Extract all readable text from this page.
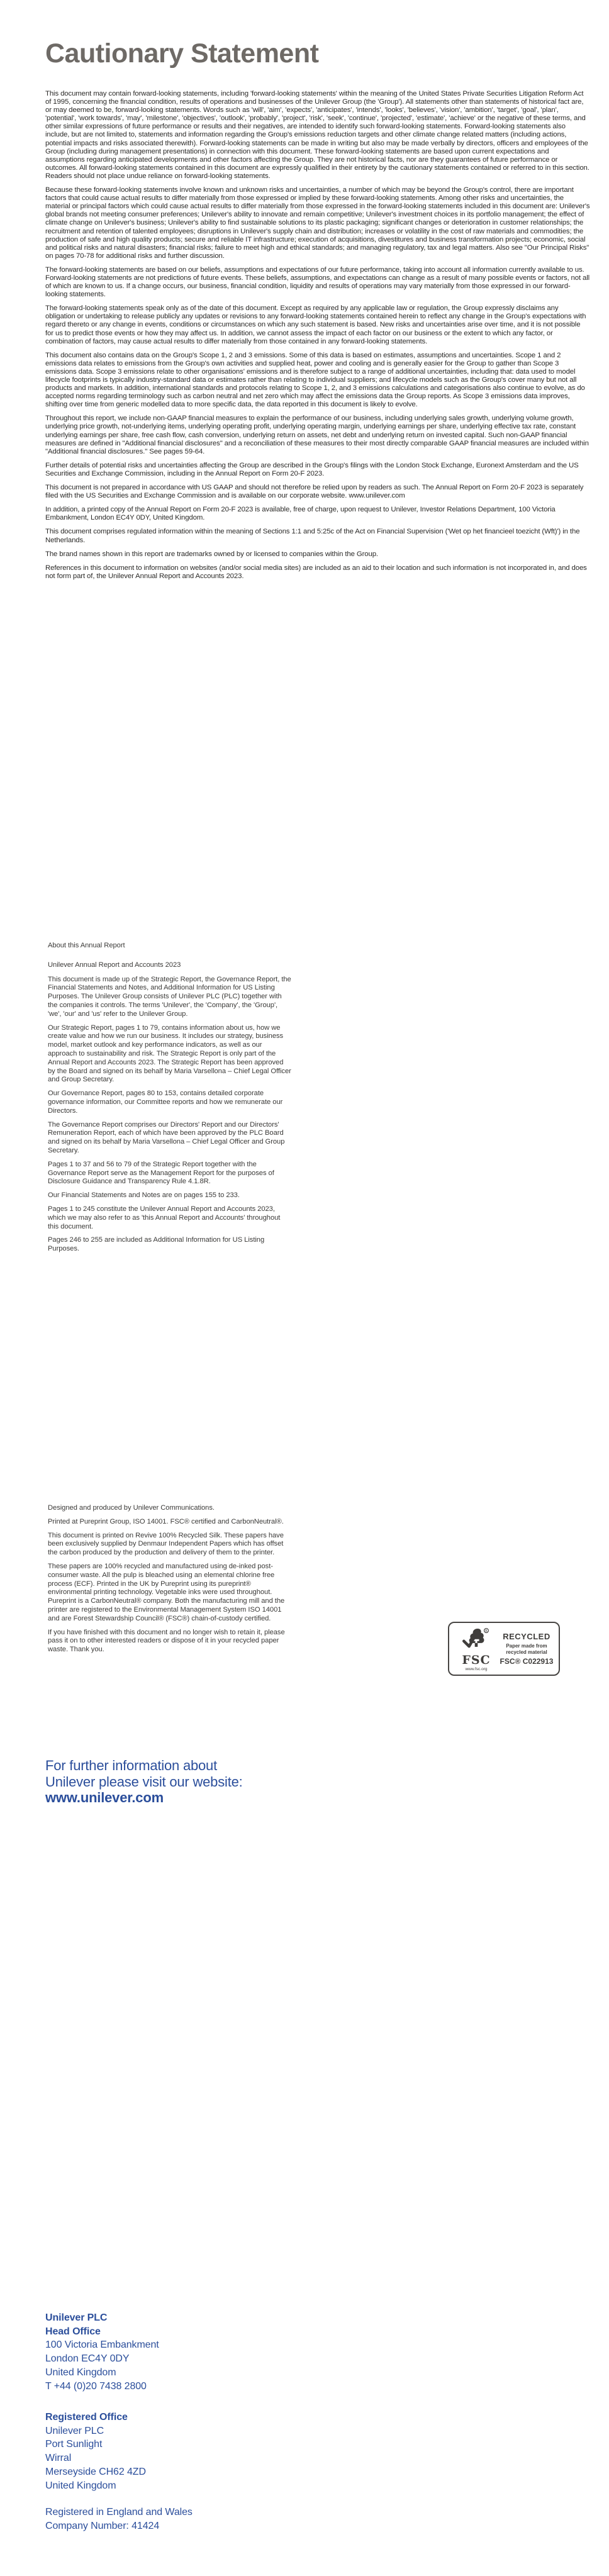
Cautionary Statement

This document may contain forward-looking statements, including 'forward-looking statements' within the meaning of the United States Private Securities Litigation Reform Act of 1995, concerning the financial condition, results of operations and businesses of the Unilever Group (the 'Group'). All statements other than statements of historical fact are, or may deemed to be, forward-looking statements. Words such as 'will', 'aim', 'expects', 'anticipates', 'intends', 'looks', 'believes', 'vision', 'ambition', 'target', 'goal', 'plan', 'potential', 'work towards', 'may', 'milestone', 'objectives', 'outlook', 'probably', 'project', 'risk', 'seek', 'continue', 'projected', 'estimate', 'achieve' or the negative of these terms, and other similar expressions of future performance or results and their negatives, are intended to identify such forward-looking statements. Forward-looking statements also include, but are not limited to, statements and information regarding the Group's emissions reduction targets and other climate change related matters (including actions, potential impacts and risks associated therewith). Forward-looking statements can be made in writing but also may be made verbally by directors, officers and employees of the Group (including during management presentations) in connection with this document. These forward-looking statements are based upon current expectations and assumptions regarding anticipated developments and other factors affecting the Group. They are not historical facts, nor are they guarantees of future performance or outcomes. All forward-looking statements contained in this document are expressly qualified in their entirety by the cautionary statements contained or referred to in this section. Readers should not place undue reliance on forward-looking statements.

Because these forward-looking statements involve known and unknown risks and uncertainties, a number of which may be beyond the Group's control, there are important factors that could cause actual results to differ materially from those expressed or implied by these forward-looking statements. Among other risks and uncertainties, the material or principal factors which could cause actual results to differ materially from those expressed in the forward-looking statements included in this document are: Unilever's global brands not meeting consumer preferences; Unilever's ability to innovate and remain competitive; Unilever's investment choices in its portfolio management; the effect of climate change on Unilever's business; Unilever's ability to find sustainable solutions to its plastic packaging; significant changes or deterioration in customer relationships; the recruitment and retention of talented employees; disruptions in Unilever's supply chain and distribution; increases or volatility in the cost of raw materials and commodities; the production of safe and high quality products; secure and reliable IT infrastructure; execution of acquisitions, divestitures and business transformation projects; economic, social and political risks and natural disasters; financial risks; failure to meet high and ethical standards; and managing regulatory, tax and legal matters. Also see "Our Principal Risks" on pages 70-78 for additional risks and further discussion.

The forward-looking statements are based on our beliefs, assumptions and expectations of our future performance, taking into account all information currently available to us. Forward-looking statements are not predictions of future events. These beliefs, assumptions, and expectations can change as a result of many possible events or factors, not all of which are known to us. If a change occurs, our business, financial condition, liquidity and results of operations may vary materially from those expressed in our forward-looking statements.

The forward-looking statements speak only as of the date of this document. Except as required by any applicable law or regulation, the Group expressly disclaims any obligation or undertaking to release publicly any updates or revisions to any forward-looking statements contained herein to reflect any change in the Group's expectations with regard thereto or any change in events, conditions or circumstances on which any such statement is based. New risks and uncertainties arise over time, and it is not possible for us to predict those events or how they may affect us. In addition, we cannot assess the impact of each factor on our business or the extent to which any factor, or combination of factors, may cause actual results to differ materially from those contained in any forward-looking statements.

This document also contains data on the Group's Scope 1, 2 and 3 emissions. Some of this data is based on estimates, assumptions and uncertainties. Scope 1 and 2 emissions data relates to emissions from the Group's own activities and supplied heat, power and cooling and is generally easier for the Group to gather than Scope 3 emissions data. Scope 3 emissions relate to other organisations' emissions and is therefore subject to a range of additional uncertainties, including that: data used to model lifecycle footprints is typically industry-standard data or estimates rather than relating to individual suppliers; and lifecycle models such as the Group's cover many but not all products and markets. In addition, international standards and protocols relating to Scope 1, 2, and 3 emissions calculations and categorisations also continue to evolve, as do accepted norms regarding terminology such as carbon neutral and net zero which may affect the emissions data the Group reports. As Scope 3 emissions data improves, shifting over time from generic modelled data to more specific data, the data reported in this document is likely to evolve.

Throughout this report, we include non-GAAP financial measures to explain the performance of our business, including underlying sales growth, underlying volume growth, underlying price growth, not-underlying items, underlying operating profit, underlying operating margin, underlying earnings per share, underlying effective tax rate, constant underlying earnings per share, free cash flow, cash conversion, underlying return on assets, net debt and underlying return on invested capital. Such non-GAAP financial measures are defined in "Additional financial disclosures" and a reconciliation of these measures to their most directly comparable GAAP financial measures are included within "Additional financial disclosures." See pages 59-64.

Further details of potential risks and uncertainties affecting the Group are described in the Group's filings with the London Stock Exchange, Euronext Amsterdam and the US Securities and Exchange Commission, including in the Annual Report on Form 20-F 2023.

This document is not prepared in accordance with US GAAP and should not therefore be relied upon by readers as such. The Annual Report on Form 20-F 2023 is separately filed with the US Securities and Exchange Commission and is available on our corporate website. www.unilever.com

In addition, a printed copy of the Annual Report on Form 20-F 2023 is available, free of charge, upon request to Unilever, Investor Relations Department, 100 Victoria Embankment, London EC4Y 0DY, United Kingdom.

This document comprises regulated information within the meaning of Sections 1:1 and 5:25c of the Act on Financial Supervision ('Wet op het financieel toezicht (Wft)') in the Netherlands.

The brand names shown in this report are trademarks owned by or licensed to companies within the Group.

References in this document to information on websites (and/or social media sites) are included as an aid to their location and such information is not incorporated in, and does not form part of, the Unilever Annual Report and Accounts 2023.

About this Annual Report

Unilever Annual Report and Accounts 2023

This document is made up of the Strategic Report, the Governance Report, the Financial Statements and Notes, and Additional Information for US Listing Purposes. The Unilever Group consists of Unilever PLC (PLC) together with the companies it controls. The terms 'Unilever', the 'Company', the 'Group', 'we', 'our' and 'us' refer to the Unilever Group.

Our Strategic Report, pages 1 to 79, contains information about us, how we create value and how we run our business. It includes our strategy, business model, market outlook and key performance indicators, as well as our approach to sustainability and risk. The Strategic Report is only part of the Annual Report and Accounts 2023. The Strategic Report has been approved by the Board and signed on its behalf by Maria Varsellona – Chief Legal Officer and Group Secretary.

Our Governance Report, pages 80 to 153, contains detailed corporate governance information, our Committee reports and how we remunerate our Directors.

The Governance Report comprises our Directors' Report and our Directors' Remuneration Report, each of which have been approved by the PLC Board and signed on its behalf by Maria Varsellona – Chief Legal Officer and Group Secretary.

Pages 1 to 37 and 56 to 79 of the Strategic Report together with the Governance Report serve as the Management Report for the purposes of Disclosure Guidance and Transparency Rule 4.1.8R.

Our Financial Statements and Notes are on pages 155 to 233.

Pages 1 to 245 constitute the Unilever Annual Report and Accounts 2023, which we may also refer to as 'this Annual Report and Accounts' throughout this document.

Pages 246 to 255 are included as Additional Information for US Listing Purposes.

Designed and produced by Unilever Communications.

Printed at Pureprint Group, ISO 14001. FSC® certified and CarbonNeutral®.

This document is printed on Revive 100% Recycled Silk. These papers have been exclusively supplied by Denmaur Independent Papers which has offset the carbon produced by the production and delivery of them to the printer.

These papers are 100% recycled and manufactured using de-inked post-consumer waste. All the pulp is bleached using an elemental chlorine free process (ECF). Printed in the UK by Pureprint using its pureprint® environmental printing technology. Vegetable inks were used throughout. Pureprint is a CarbonNeutral® company. Both the manufacturing mill and the printer are registered to the Environmental Management System ISO 14001 and are Forest Stewardship Council® (FSC®) chain-of-custody certified.

If you have finished with this document and no longer wish to retain it, please pass it on to other interested readers or dispose of it in your recycled paper waste. Thank you.

R
FSC
www.fsc.org
RECYCLED
Paper made from recycled material
FSC® C022913
For further information about
Unilever please visit our website:
www.unilever.com
Unilever PLC
Head Office
100 Victoria Embankment
London EC4Y 0DY
United Kingdom
T +44 (0)20 7438 2800
Registered Office
Unilever PLC
Port Sunlight
Wirral
Merseyside CH62 4ZD
United Kingdom
Registered in England and Wales
Company Number: 41424
